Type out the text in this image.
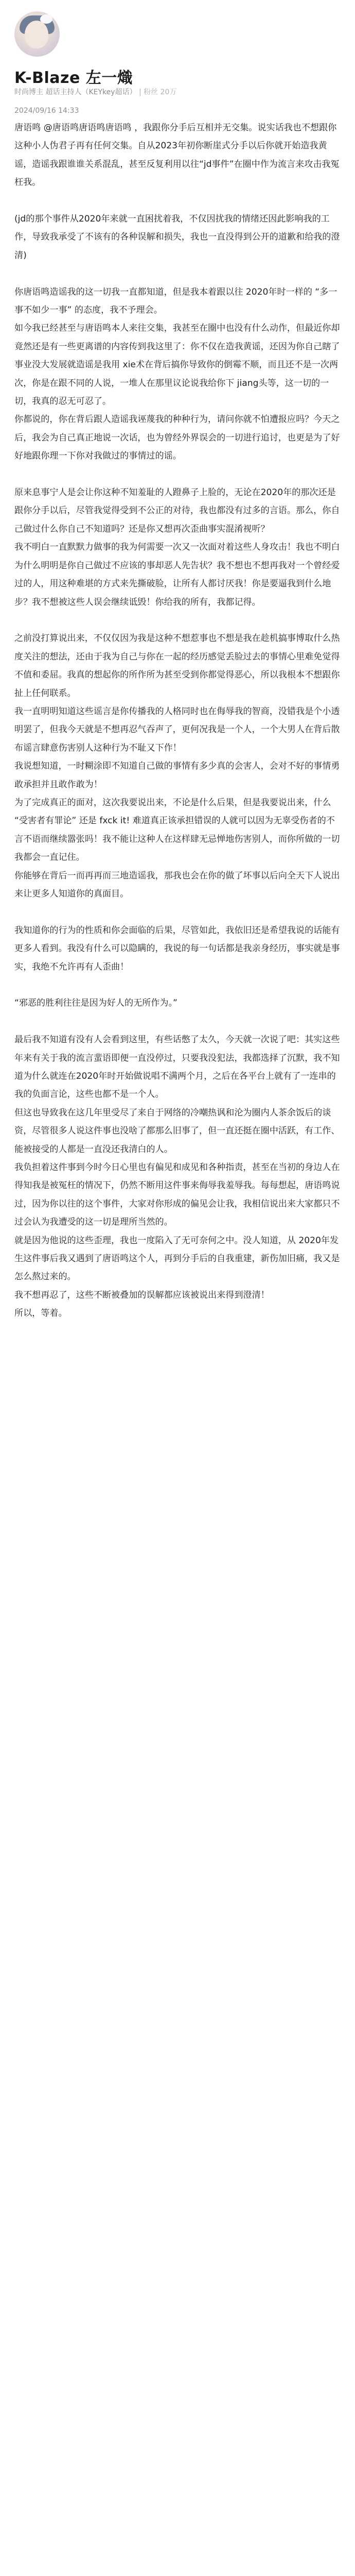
K-Blaze 左一熾
时尚博主 超话主持人（KEYkey超话） | 粉丝 20万
2024/09/16 14:33

唐语鸣 @唐语鸣唐语鸣唐语鸣 ，我跟你分手后互相并无交集。说实话我也不想跟你这种小人伪君子再有任何交集。自从2023年初你断崖式分手以后你就开始造我黄谣，造谣我跟谁谁关系混乱，甚至反复利用以往“jd事件”在圈中作为流言来攻击我冤枉我。

(jd的那个事件从2020年来就一直困扰着我，不仅因扰我的情绪还因此影响我的工作，导致我承受了不该有的各种误解和损失，我也一直没得到公开的道歉和给我的澄清)

你唐语鸣造谣我的这一切我一直都知道，但是我本着跟以往 2020年时一样的 “多一事不如少一事” 的态度，我不予理会。
如今我已经甚至与唐语鸣本人来往交集，我甚至在圈中也没有什么动作，但最近你却竟然还是有一些更离谱的内容传到我这里了：你不仅在造我黄谣，还因为你自己瞎了事业没大发展就造谣是我用 xie术在背后搞你导致你的倒霉不顺，而且还不是一次两次，你是在跟不同的人说，一堆人在那里议论说我给你下 jiang头等，这一切的一切，我真的忍无可忍了。
你都说的，你在背后跟人造谣我诬蔑我的种种行为，请问你就不怕遭报应吗？今天之后，我会为自己真正地说一次话，也为曾经外界误会的一切进行追讨，也更是为了好好地跟你理一下你对我做过的事情过的谣。

原来息事宁人是会让你这种不知羞耻的人蹬鼻子上脸的，无论在2020年的那次还是跟你分手以后，尽管我觉得受到不公正的对待，我也都没有过多的言语。那么，你自己做过什么你自己不知道吗？还是你又想再次歪曲事实混淆视听？
我不明白一直默默力做事的我为何需要一次又一次面对着这些人身攻击！我也不明白为什么明明是你自己做过不应该的事却恶人先告状？我不想也不想再我对一个曾经爱过的人，用这种难堪的方式来先撕破脸，让所有人都讨厌我！你是要逼我到什么地步？我不想被这些人误会继续诋毁！你给我的所有，我都记得。

之前没打算说出来，不仅仅因为我是这种不想惹事也不想是我在趁机搞事博取什么热度关注的想法，还由于我为自己与你在一起的经历感觉丢脸过去的事情心里难免觉得不值和委屈。我真的想起你的所作所为甚至受到你都觉得恶心，所以我根本不想跟你扯上任何联系。
我一直明明知道这些谣言是你传播我的人格同时也在侮辱我的智商，没错我是个小透明罢了，但我今天就是不想再忍气吞声了，更何况我是一个人，一个大男人在背后散布谣言肆意伤害别人这种行为不耻又下作！
我说想知道，一时糊涂即不知道自己做的事情有多少真的会害人，会对不好的事情勇敢承担并且敢作敢为！
为了完成真正的面对，这次我要说出来，不论是什么后果，但是我要说出来，什么 “受害者有罪论” 还是 fxck it! 难道真正该承担错误的人就可以因为无辜受伤者的不言不语而继续嚣张吗！我不能让这种人在这样肆无忌惮地伤害别人，而你所做的一切我都会一直记住。
你能够在背后一而再再而三地造谣我，那我也会在你的做了坏事以后向全天下人说出来让更多人知道你的真面目。

我知道你的行为的性质和你会面临的后果，尽管如此，我依旧还是希望我说的话能有更多人看到。我没有什么可以隐瞒的，我说的每一句话都是我亲身经历，事实就是事实，我绝不允许再有人歪曲！

“邪恶的胜利往往是因为好人的无所作为。”

最后我不知道有没有人会看到这里，有些话憋了太久，今天就一次说了吧：其实这些年来有关于我的流言蜚语即便一直没停过，只要我没犯法，我都选择了沉默，我不知道为什么就连在2020年时开始做说唱不满两个月，之后在各平台上就有了一连串的我的负面言论，这些也都不是一个人。
但这也导致我在这几年里受尽了来自于网络的冷嘲热讽和沦为圈内人茶余饭后的谈资，尽管很多人说这件事也没啥了都那么旧事了，但一直还挺在圈中活跃，有工作、能被接受的人都是一直没还我清白的人。
我负担着这件事到今时今日心里也有偏见和成见和各种指责，甚至在当初的身边人在得知我是被冤枉的情况下，仍然不断用这件事来侮辱我羞辱我。每每想起，唐语鸣说过，因为你以往的这个事件，大家对你形成的偏见会让我，我相信说出来大家都只不过会认为我遭受的这一切是理所当然的。
就是因为他说的这些歪理，我也一度陷入了无可奈何之中。没人知道，从 2020年发生这件事后我又遇到了唐语鸣这个人，再到分手后的自我重建，新伤加旧痛，我又是怎么熬过来的。
我不想再忍了，这些不断被叠加的误解都应该被说出来得到澄清！
所以，等着。
